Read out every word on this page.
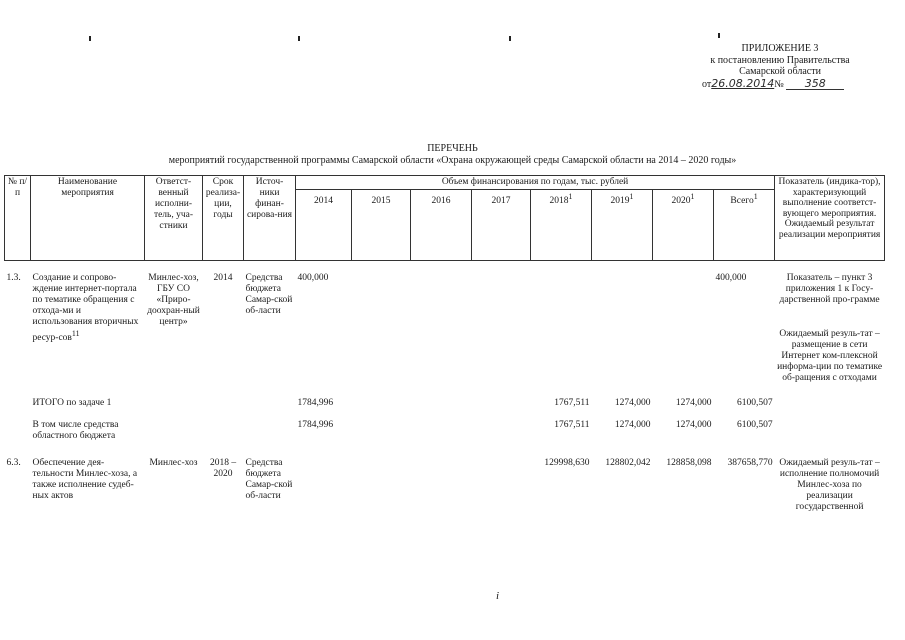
ПРИЛОЖЕНИЕ 3
к постановлению Правительства
Самарской области
от26.08.2014№ 358
ПЕРЕЧЕНЬ
мероприятий государственной программы Самарской области «Охрана окружающей среды Самарской области на 2014 – 2020 годы»
№ п/п	Наименование мероприятия	Ответст-венный исполни-тель, уча-стники	Срок реализа-ции, годы	Источ-ники финан-сирова-ния	Объем финансирования по годам, тыс. рублей								Показатель (индика-тор), характеризующий выполнение соответст-вующего мероприятия. Ожидаемый результат реализации мероприятия
					2014	2015	2016	2017	2018$^1$	2019$^1$	2020$^1$	Всего$^1$
1.3.	Создание и сопрово-ждение интернет-портала по тематике обращения с отхода-ми и использования вторичных ресур-сов$^{11}$	Минлес-хоз, ГБУ СО «Приро-доохран-ный центр»	2014	Средства бюджета Самар-ской об-ласти	400,000							400,000	Показатель – пункт 3 приложения 1 к Госу-дарственной про-грамме
Ожидаемый резуль-тат – размещение в сети Интернет ком-плексной информа-ции по тематике об-ращения с отходами

	ИТОГО по задаче 1				1784,996				1767,511	1274,000	1274,000	6100,507	
	В том числе средства областного бюджета				1784,996				1767,511	1274,000	1274,000	6100,507	
6.3.	Обеспечение дея-тельности Минлес-хоза, а также исполнение судеб-ных актов	Минлес-хоз	2018 – 2020	Средства бюджета Самар-ской об-ласти					129998,630	128802,042	128858,098	387658,770	Ожидаемый резуль-тат – исполнение полномочий Минлес-хоза по реализации государственной
i
